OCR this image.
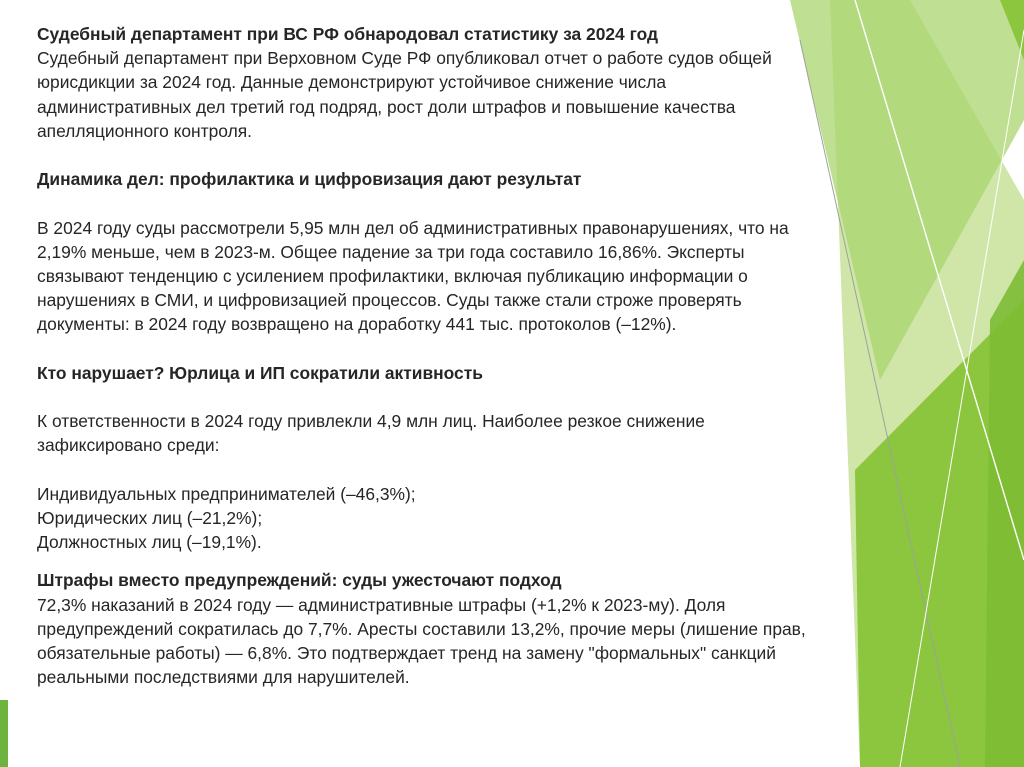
Судебный департамент при ВС РФ обнародовал статистику за 2024 год

Судебный департамент при Верховном Суде РФ опубликовал отчет о работе судов общей

юрисдикции за 2024 год. Данные демонстрируют устойчивое снижение числа

административных дел третий год подряд, рост доли штрафов и повышение качества

апелляционного контроля.

Динамика дел: профилактика и цифровизация дают результат

В 2024 году суды рассмотрели 5,95 млн дел об административных правонарушениях, что на

2,19% меньше, чем в 2023-м. Общее падение за три года составило 16,86%. Эксперты

связывают тенденцию с усилением профилактики, включая публикацию информации о

нарушениях в СМИ, и цифровизацией процессов. Суды также стали строже проверять

документы: в 2024 году возвращено на доработку 441 тыс. протоколов (–12%).

Кто нарушает? Юрлица и ИП сократили активность

К ответственности в 2024 году привлекли 4,9 млн лиц. Наиболее резкое снижение

зафиксировано среди:

Индивидуальных предпринимателей (–46,3%);

Юридических лиц (–21,2%);

Должностных лиц (–19,1%).

Штрафы вместо предупреждений: суды ужесточают подход

72,3% наказаний в 2024 году — административные штрафы (+1,2% к 2023-му). Доля

предупреждений сократилась до 7,7%. Аресты составили 13,2%, прочие меры (лишение прав,

обязательные работы) — 6,8%. Это подтверждает тренд на замену "формальных" санкций

реальными последствиями для нарушителей.
